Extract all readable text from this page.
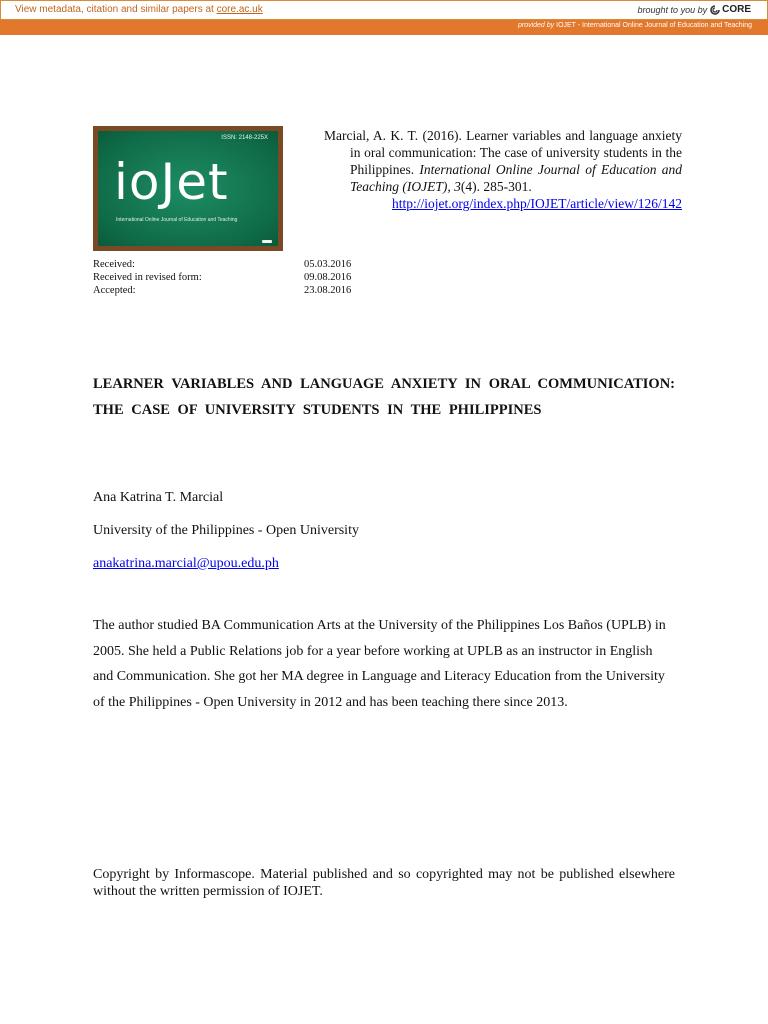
View metadata, citation and similar papers at core.ac.uk	brought to you by CORE
provided by IOJET - International Online Journal of Education and Teaching
ISSN: 2148-225X
ioJet
International Online Journal of Education and Teaching
Marcial, A. K. T. (2016). Learner variables and language anxiety in oral communication: The case of university students in the Philippines. International Online Journal of Education and Teaching (IOJET), 3(4). 285-301.
http://iojet.org/index.php/IOJET/article/view/126/142
Received:	05.03.2016
Received in revised form:	09.08.2016
Accepted:	23.08.2016
LEARNER VARIABLES AND LANGUAGE ANXIETY IN ORAL COMMUNICATION: THE CASE OF UNIVERSITY STUDENTS IN THE PHILIPPINES
Ana Katrina T. Marcial
University of the Philippines - Open University
anakatrina.marcial@upou.edu.ph
The author studied BA Communication Arts at the University of the Philippines Los Baños (UPLB) in 2005. She held a Public Relations job for a year before working at UPLB as an instructor in English and Communication. She got her MA degree in Language and Literacy Education from the University of the Philippines - Open University in 2012 and has been teaching there since 2013.
Copyright by Informascope. Material published and so copyrighted may not be published elsewhere without the written permission of IOJET.
